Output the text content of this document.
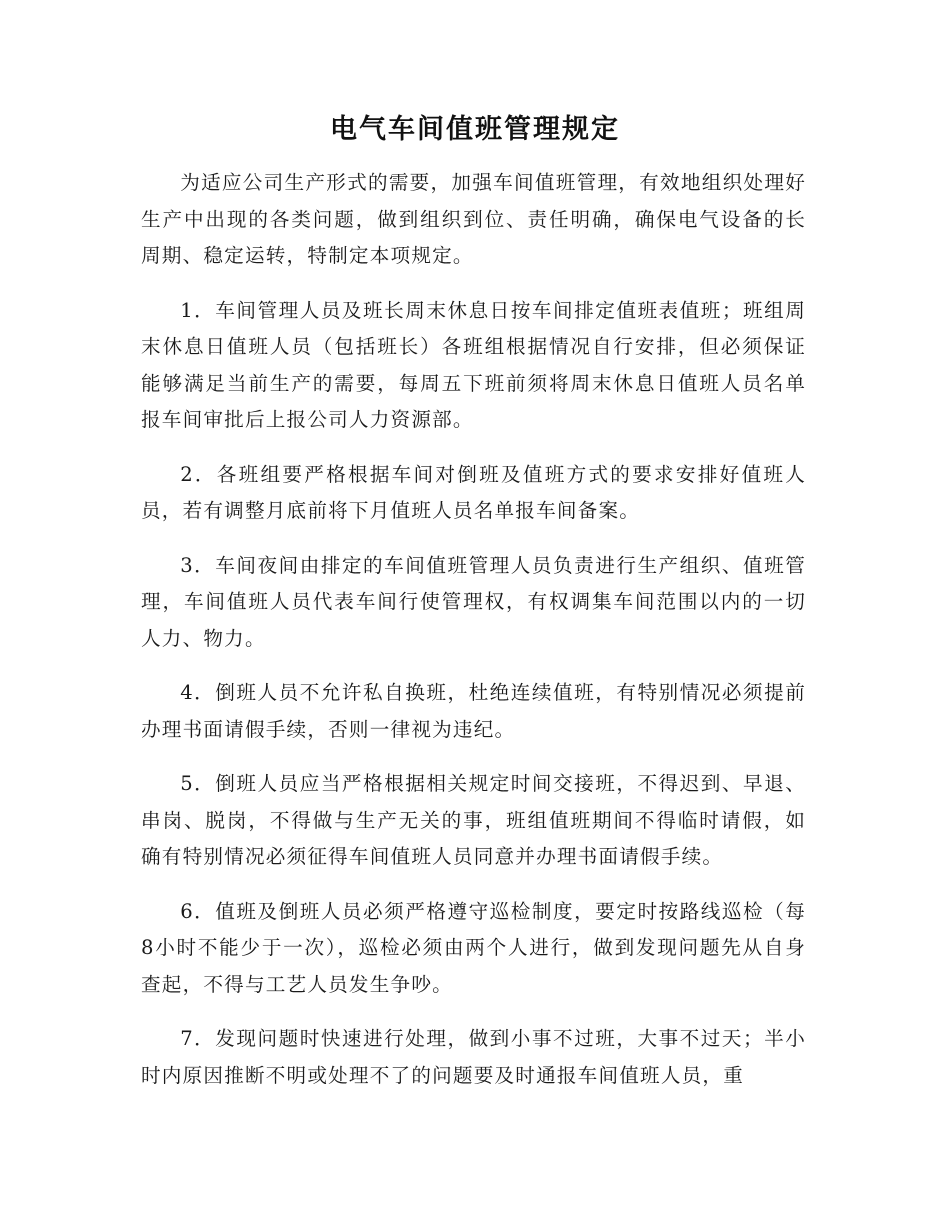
电气车间值班管理规定

为适应公司生产形式的需要，加强车间值班管理，有效地组织处理好生产中出现的各类问题，做到组织到位、责任明确，确保电气设备的长周期、稳定运转，特制定本项规定。

1．车间管理人员及班长周末休息日按车间排定值班表值班；班组周末休息日值班人员（包括班长）各班组根据情况自行安排，但必须保证能够满足当前生产的需要，每周五下班前须将周末休息日值班人员名单报车间审批后上报公司人力资源部。

2．各班组要严格根据车间对倒班及值班方式的要求安排好值班人员，若有调整月底前将下月值班人员名单报车间备案。

3．车间夜间由排定的车间值班管理人员负责进行生产组织、值班管理，车间值班人员代表车间行使管理权，有权调集车间范围以内的一切人力、物力。

4．倒班人员不允许私自换班，杜绝连续值班，有特别情况必须提前办理书面请假手续，否则一律视为违纪。

5．倒班人员应当严格根据相关规定时间交接班，不得迟到、早退、串岗、脱岗，不得做与生产无关的事，班组值班期间不得临时请假，如确有特别情况必须征得车间值班人员同意并办理书面请假手续。

6．值班及倒班人员必须严格遵守巡检制度，要定时按路线巡检（每8小时不能少于一次），巡检必须由两个人进行，做到发现问题先从自身查起，不得与工艺人员发生争吵。

7．发现问题时快速进行处理，做到小事不过班，大事不过天；半小时内原因推断不明或处理不了的问题要及时通报车间值班人员，重
